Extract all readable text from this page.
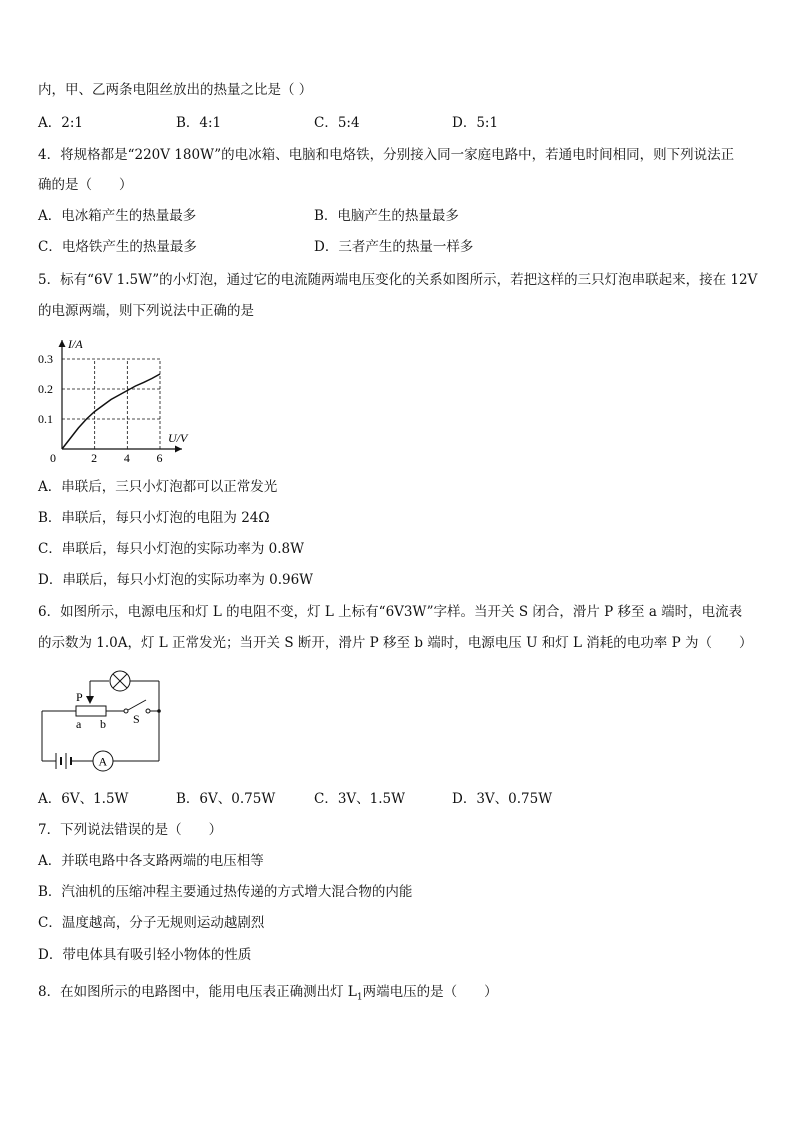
内，甲、乙两条电阻丝放出的热量之比是（ ）
A．2:1	B．4:1	C．5:4	D．5:1
4．将规格都是“220V 180W”的电冰箱、电脑和电烙铁，分别接入同一家庭电路中，若通电时间相同，则下列说法正
确的是（　　）
A．电冰箱产生的热量最多	B．电脑产生的热量最多
C．电烙铁产生的热量最多	D．三者产生的热量一样多
5．标有“6V 1.5W”的小灯泡，通过它的电流随两端电压变化的关系如图所示，若把这样的三只灯泡串联起来，接在 12V
的电源两端，则下列说法中正确的是
2 4 6
0.1
0.2
0.3
I/A
U/V
0
A．串联后，三只小灯泡都可以正常发光
B．串联后，每只小灯泡的电阻为 24Ω
C．串联后，每只小灯泡的实际功率为 0.8W
D．串联后，每只小灯泡的实际功率为 0.96W
6．如图所示，电源电压和灯 L 的电阻不变，灯 L 上标有“6V3W”字样。当开关 S 闭合，滑片 P 移至 a 端时，电流表
的示数为 1.0A，灯 L 正常发光；当开关 S 断开，滑片 P 移至 b 端时，电源电压 U 和灯 L 消耗的电功率 P 为（　　）
P
a b S
A
A．6V、1.5W	B．6V、0.75W	C．3V、1.5W	D．3V、0.75W
7．下列说法错误的是（　　）
A．并联电路中各支路两端的电压相等
B．汽油机的压缩冲程主要通过热传递的方式增大混合物的内能
C．温度越高，分子无规则运动越剧烈
D．带电体具有吸引轻小物体的性质
8．在如图所示的电路图中，能用电压表正确测出灯 $L_1$两端电压的是（　　）
